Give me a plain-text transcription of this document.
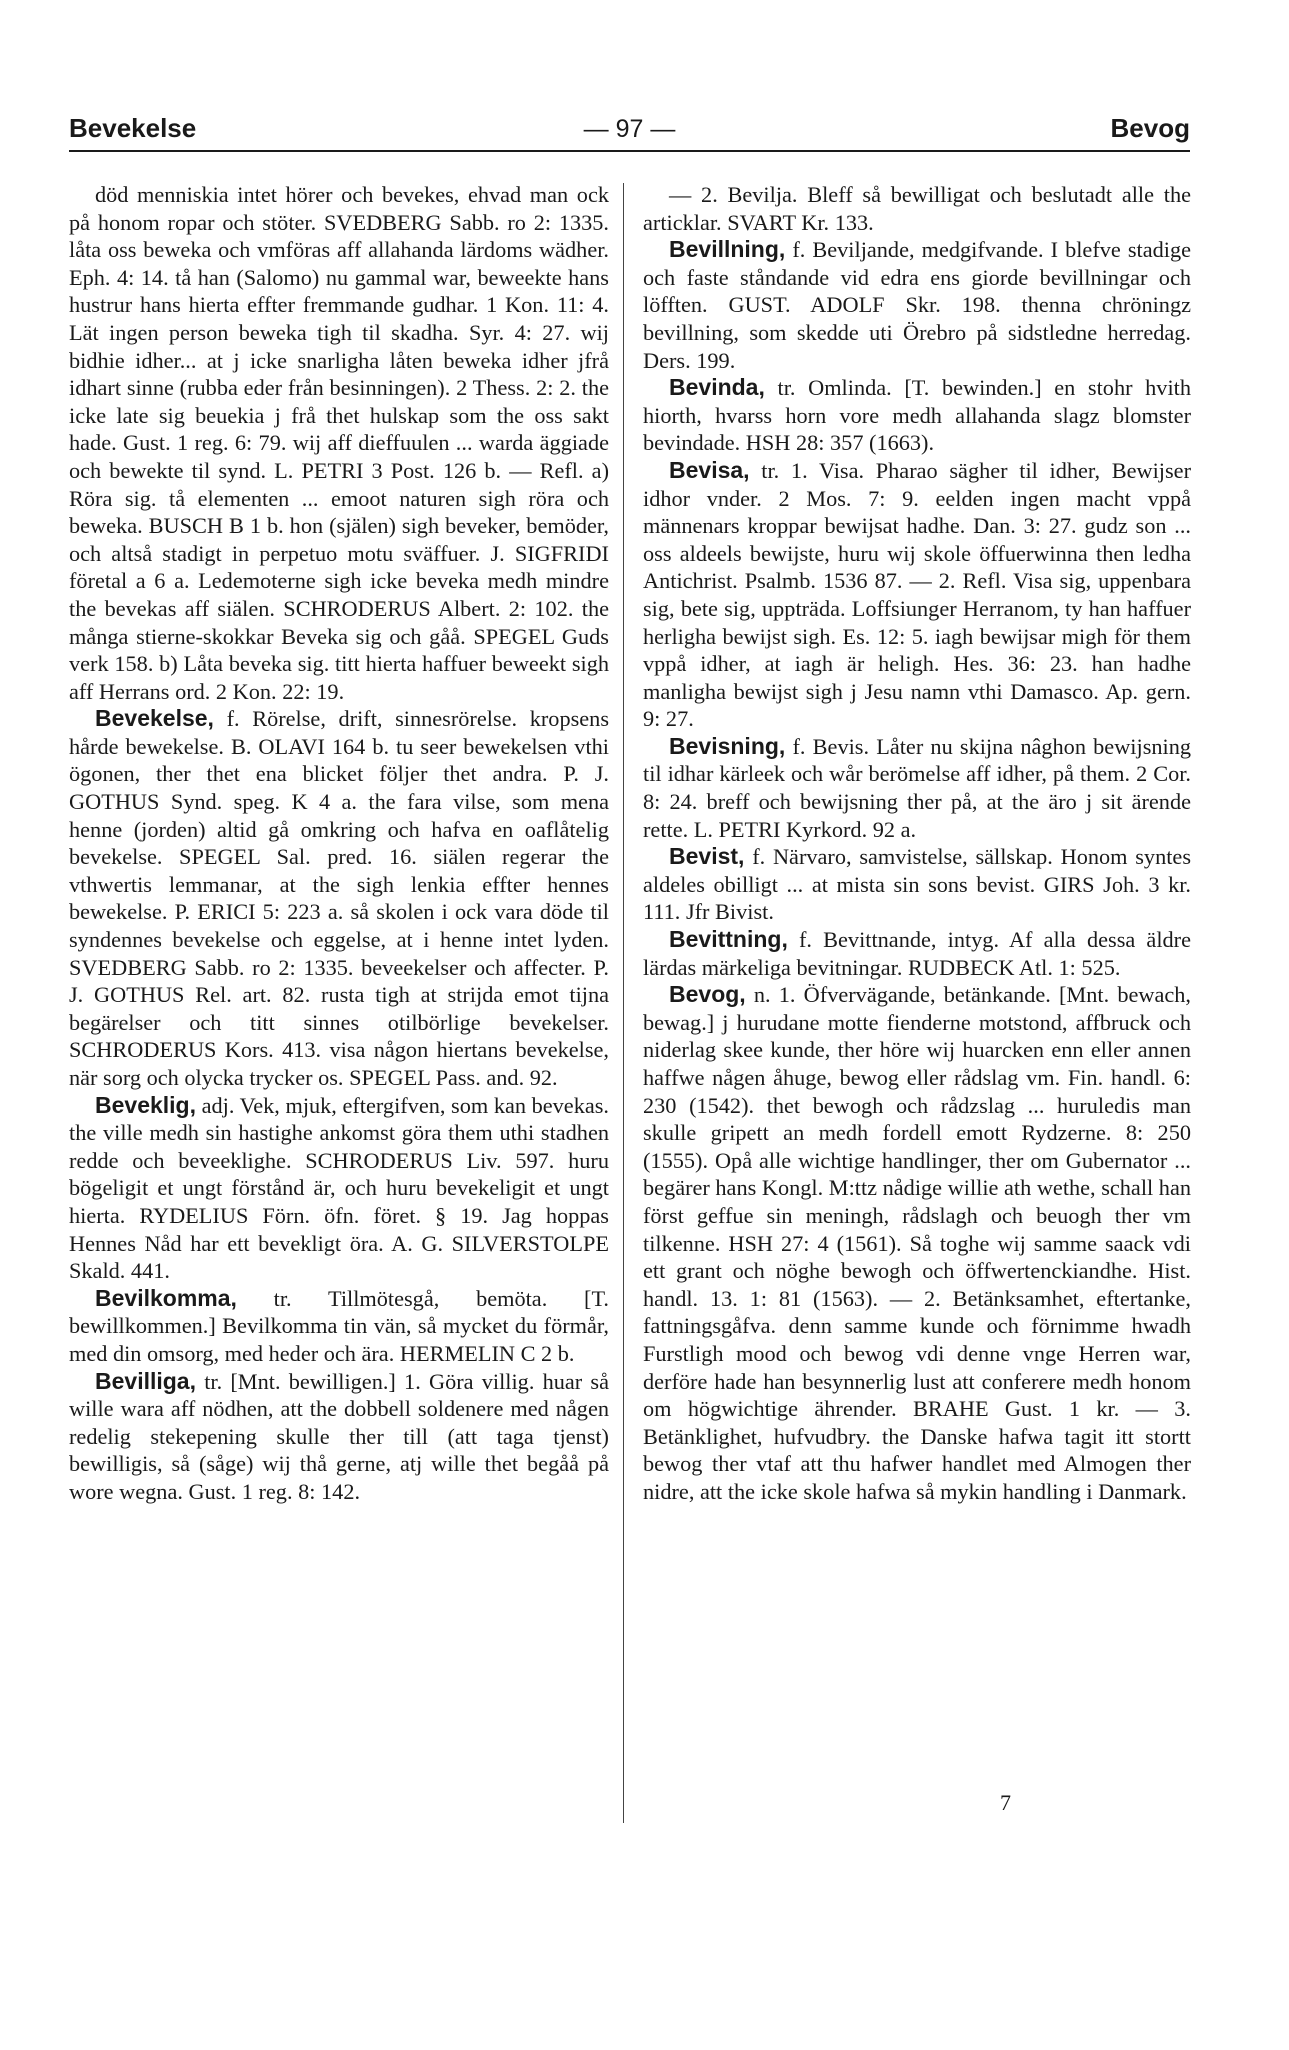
Bevekelse	— 97 —	Bevog

död menniskia intet hörer och bevekes, ehvad man ock på honom ropar och stöter. SVEDBERG Sabb. ro 2: 1335. låta oss beweka och vmföras aff allahanda lärdoms wädher. Eph. 4: 14. tå han (Salomo) nu gammal war, beweekte hans hustrur hans hierta effter fremmande gudhar. 1 Kon. 11: 4. Lät ingen person beweka tigh til skadha. Syr. 4: 27. wij bidhie idher... at j icke snarligha låten beweka idher jfrå idhart sinne (rubba eder från besinningen). 2 Thess. 2: 2. the icke late sig beuekia j frå thet hulskap som the oss sakt hade. Gust. 1 reg. 6: 79. wij aff dieffuulen ... warda äggiade och bewekte til synd. L. PETRI 3 Post. 126 b. — Refl. a) Röra sig. tå elementen ... emoot naturen sigh röra och beweka. BUSCH B 1 b. hon (själen) sigh beveker, bemöder, och altså stadigt in perpetuo motu sväffuer. J. SIGFRIDI företal a 6 a. Ledemoterne sigh icke beveka medh mindre the bevekas aff siälen. SCHRODERUS Albert. 2: 102. the många stierne-skokkar Beveka sig och gåå. SPEGEL Guds verk 158. b) Låta beveka sig. titt hierta haffuer beweekt sigh aff Herrans ord. 2 Kon. 22: 19.

Bevekelse, f. Rörelse, drift, sinnesrörelse. kropsens hårde bewekelse. B. OLAVI 164 b. tu seer bewekelsen vthi ögonen, ther thet ena blicket följer thet andra. P. J. GOTHUS Synd. speg. K 4 a. the fara vilse, som mena henne (jorden) altid gå omkring och hafva en oaflåtelig bevekelse. SPEGEL Sal. pred. 16. siälen regerar the vthwertis lemmanar, at the sigh lenkia effter hennes bewekelse. P. ERICI 5: 223 a. så skolen i ock vara döde til syndennes bevekelse och eggelse, at i henne intet lyden. SVEDBERG Sabb. ro 2: 1335. beveekelser och affecter. P. J. GOTHUS Rel. art. 82. rusta tigh at strijda emot tijna begärelser och titt sinnes otilbörlige bevekelser. SCHRODERUS Kors. 413. visa någon hiertans bevekelse, när sorg och olycka trycker os. SPEGEL Pass. and. 92.

Beveklig, adj. Vek, mjuk, eftergifven, som kan bevekas. the ville medh sin hastighe ankomst göra them uthi stadhen redde och beveeklighe. SCHRODERUS Liv. 597. huru bögeligit et ungt förstånd är, och huru bevekeligit et ungt hierta. RYDELIUS Förn. öfn. föret. § 19. Jag hoppas Hennes Nåd har ett bevekligt öra. A. G. SILVERSTOLPE Skald. 441.

Bevilkomma, tr. Tillmötesgå, bemöta. [T. bewillkommen.] Bevilkomma tin vän, så mycket du förmår, med din omsorg, med heder och ära. HERMELIN C 2 b.

Bevilliga, tr. [Mnt. bewilligen.] 1. Göra villig. huar så wille wara aff nödhen, att the dobbell soldenere med någen redelig stekepening skulle ther till (att taga tjenst) bewilligis, så (såge) wij thå gerne, atj wille thet begåå på wore wegna. Gust. 1 reg. 8: 142.

— 2. Bevilja. Bleff så bewilligat och beslutadt alle the articklar. SVART Kr. 133.

Bevillning, f. Beviljande, medgifvande. I blefve stadige och faste ståndande vid edra ens giorde bevillningar och löfften. GUST. ADOLF Skr. 198. thenna chröningz bevillning, som skedde uti Örebro på sidstledne herredag. Ders. 199.

Bevinda, tr. Omlinda. [T. bewinden.] en stohr hvith hiorth, hvarss horn vore medh allahanda slagz blomster bevindade. HSH 28: 357 (1663).

Bevisa, tr. 1. Visa. Pharao sägher til idher, Bewijser idhor vnder. 2 Mos. 7: 9. eelden ingen macht vppå männenars kroppar bewijsat hadhe. Dan. 3: 27. gudz son ... oss aldeels bewijste, huru wij skole öffuerwinna then ledha Antichrist. Psalmb. 1536 87. — 2. Refl. Visa sig, uppenbara sig, bete sig, uppträda. Loffsiunger Herranom, ty han haffuer herligha bewijst sigh. Es. 12: 5. iagh bewijsar migh för them vppå idher, at iagh är heligh. Hes. 36: 23. han hadhe manligha bewijst sigh j Jesu namn vthi Damasco. Ap. gern. 9: 27.

Bevisning, f. Bevis. Låter nu skijna nâghon bewijsning til idhar kärleek och wår berömelse aff idher, på them. 2 Cor. 8: 24. breff och bewijsning ther på, at the äro j sit ärende rette. L. PETRI Kyrkord. 92 a.

Bevist, f. Närvaro, samvistelse, sällskap. Honom syntes aldeles obilligt ... at mista sin sons bevist. GIRS Joh. 3 kr. 111. Jfr Bivist.

Bevittning, f. Bevittnande, intyg. Af alla dessa äldre lärdas märkeliga bevitningar. RUDBECK Atl. 1: 525.

Bevog, n. 1. Öfvervägande, betänkande. [Mnt. bewach, bewag.] j hurudane motte fienderne motstond, affbruck och niderlag skee kunde, ther höre wij huarcken enn eller annen haffwe någen åhuge, bewog eller rådslag vm. Fin. handl. 6: 230 (1542). thet bewogh och rådzslag ... huruledis man skulle gripett an medh fordell emott Rydzerne. 8: 250 (1555). Opå alle wichtige handlinger, ther om Gubernator ... begärer hans Kongl. M:ttz nådige willie ath wethe, schall han först geffue sin meningh, rådslagh och beuogh ther vm tilkenne. HSH 27: 4 (1561). Så toghe wij samme saack vdi ett grant och nöghe bewogh och öffwertenckiandhe. Hist. handl. 13. 1: 81 (1563). — 2. Betänksamhet, eftertanke, fattningsgåfva. denn samme kunde och förnimme hwadh Furstligh mood och bewog vdi denne vnge Herren war, derföre hade han besynnerlig lust att conferere medh honom om högwichtige ährender. BRAHE Gust. 1 kr. — 3. Betänklighet, hufvudbry. the Danske hafwa tagit itt stortt bewog ther vtaf att thu hafwer handlet med Almogen ther nidre, att the icke skole hafwa så mykin handling i Danmark.

7
